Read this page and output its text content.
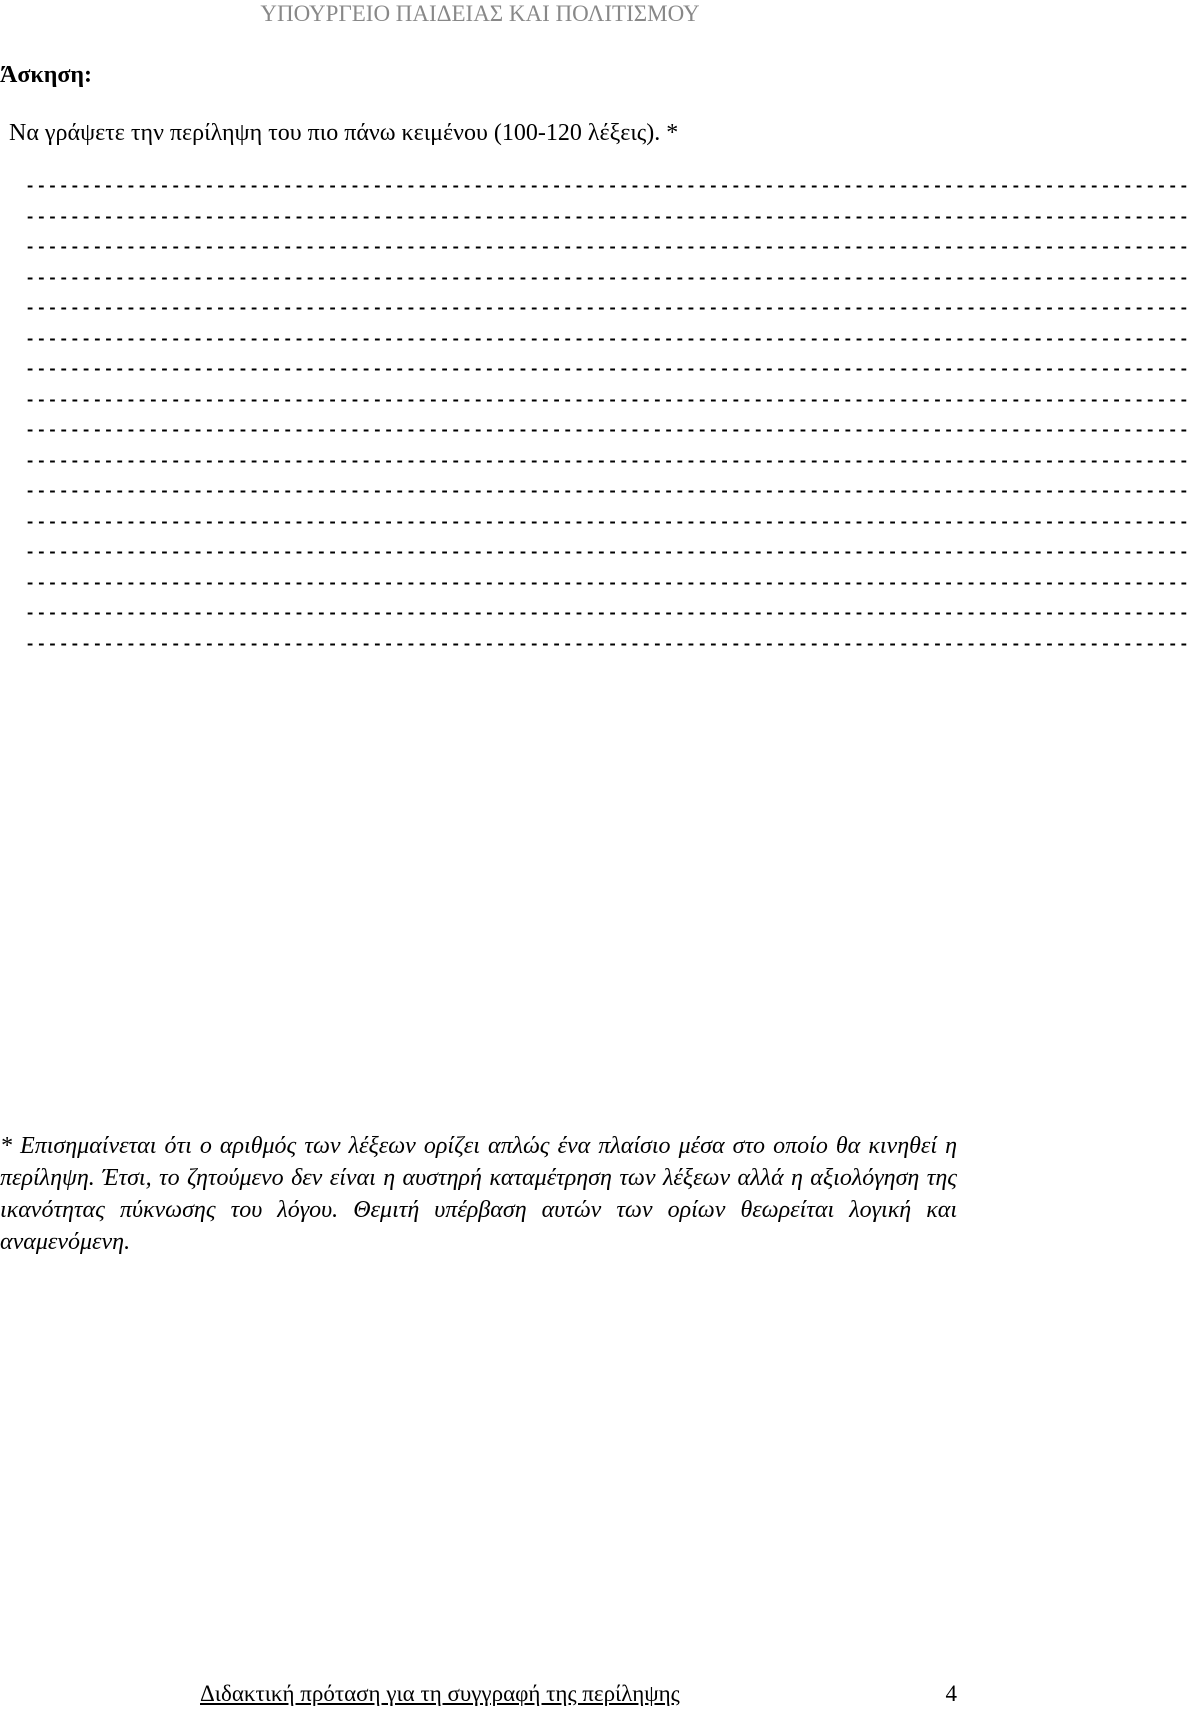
ΥΠΟΥΡΓΕΙΟ ΠΑΙΔΕΙΑΣ ΚΑΙ ΠΟΛΙΤΙΣΜΟΥ
Άσκηση:
Να γράψετε την περίληψη του πιο πάνω κειμένου (100-120 λέξεις). *
--------------------------------------------------------------------------------------------------------
--------------------------------------------------------------------------------------------------------
--------------------------------------------------------------------------------------------------------
--------------------------------------------------------------------------------------------------------
--------------------------------------------------------------------------------------------------------
--------------------------------------------------------------------------------------------------------
--------------------------------------------------------------------------------------------------------
--------------------------------------------------------------------------------------------------------
--------------------------------------------------------------------------------------------------------
--------------------------------------------------------------------------------------------------------
--------------------------------------------------------------------------------------------------------
--------------------------------------------------------------------------------------------------------
--------------------------------------------------------------------------------------------------------
--------------------------------------------------------------------------------------------------------
--------------------------------------------------------------------------------------------------------
--------------------------------------------------------------------------------------------------------
* Επισημαίνεται ότι ο αριθμός των λέξεων ορίζει απλώς ένα πλαίσιο μέσα στο οποίο θα κινηθεί η περίληψη. Έτσι, το ζητούμενο δεν είναι η αυστηρή καταμέτρηση των λέξεων αλλά η αξιολόγηση της ικανότητας πύκνωσης του λόγου. Θεμιτή υπέρβαση αυτών των ορίων θεωρείται λογική και αναμενόμενη.
Διδακτική πρόταση για τη συγγραφή της περίληψης	4
